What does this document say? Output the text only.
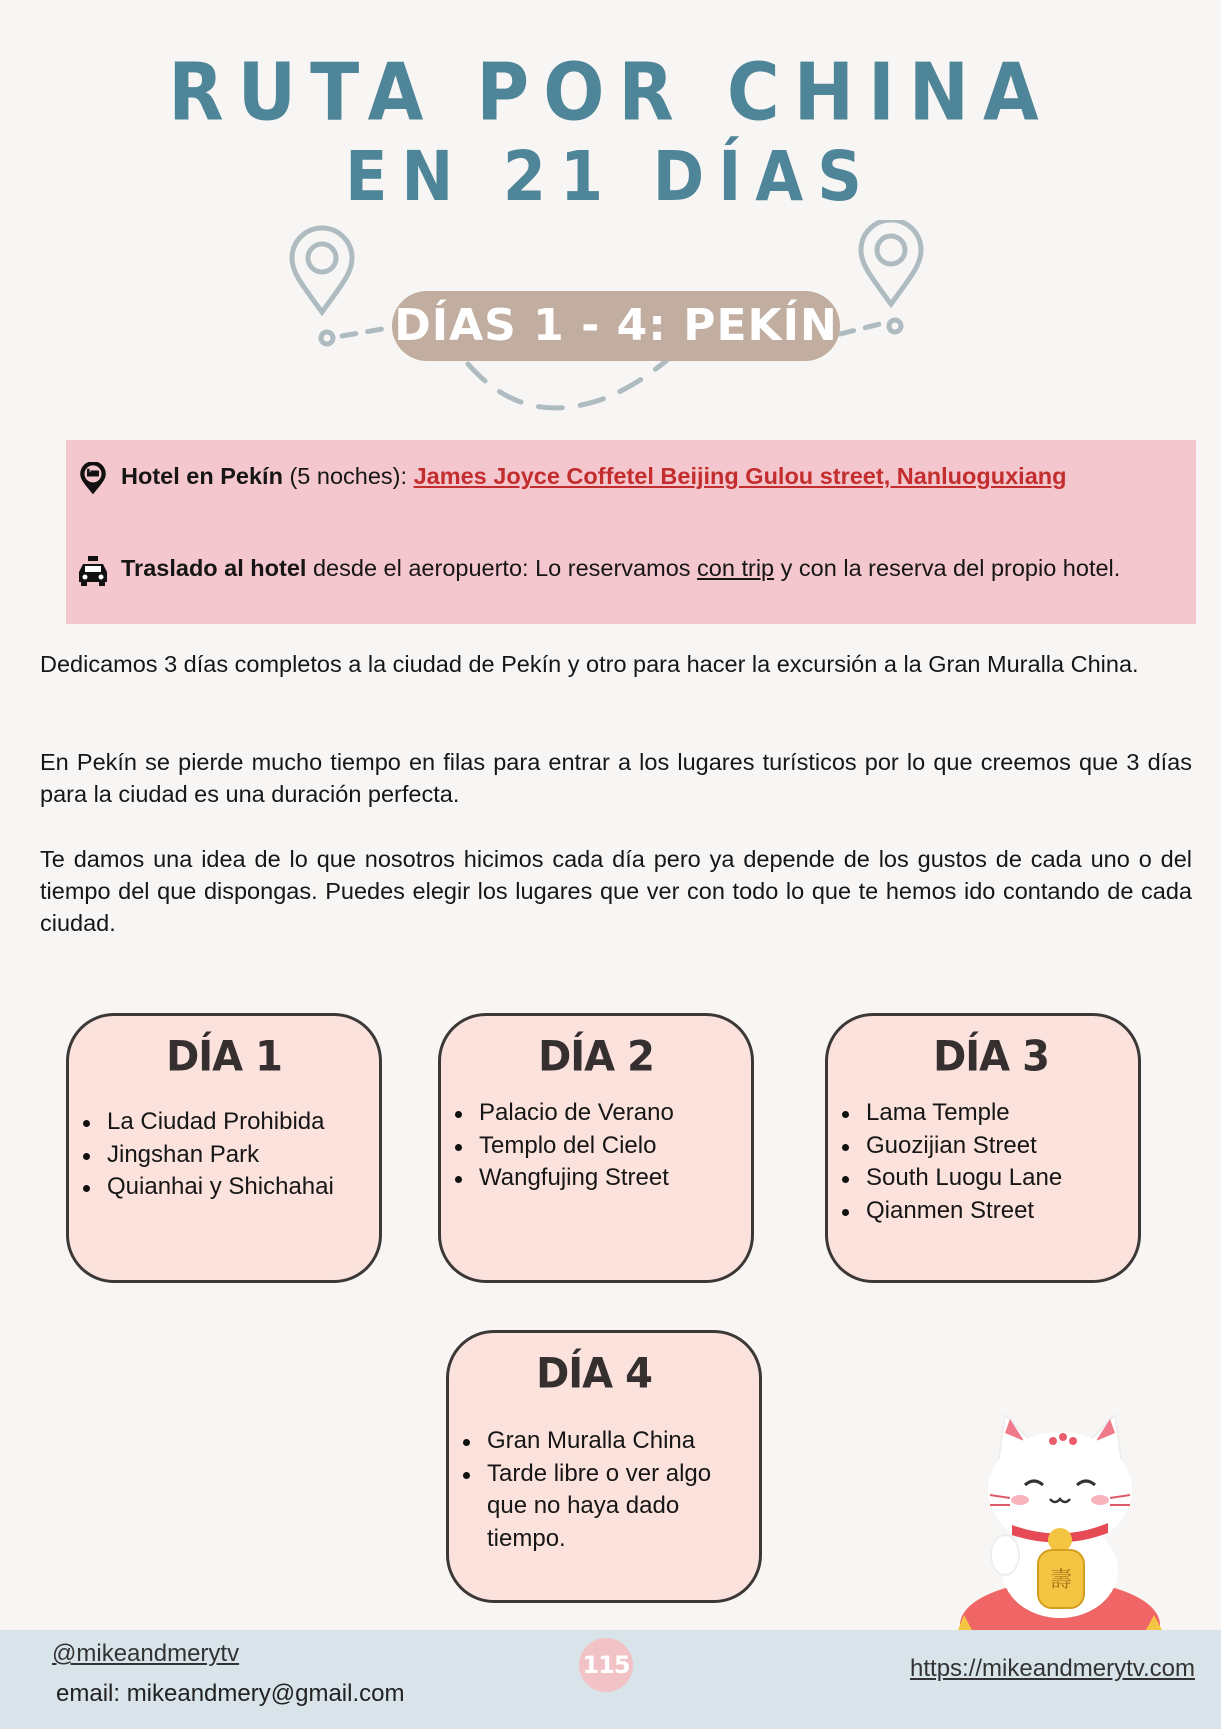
RUTA POR CHINA
EN 21 DÍAS
DÍAS 1 - 4: PEKÍN
Hotel en Pekín (5 noches): James Joyce Coffetel Beijing Gulou street, Nanluoguxiang
Traslado al hotel desde el aeropuerto: Lo reservamos con trip y con la reserva del propio hotel.

Dedicamos 3 días completos a la ciudad de Pekín y otro para hacer la excursión a la Gran Muralla China.

En Pekín se pierde mucho tiempo en filas para entrar a los lugares turísticos por lo que creemos que 3 días para la ciudad es una duración perfecta.

Te damos una idea de lo que nosotros hicimos cada día pero ya depende de los gustos de cada uno o del tiempo del que dispongas. Puedes elegir los lugares que ver con todo lo que te hemos ido contando de cada ciudad.

DÍA 1
La Ciudad Prohibida
Jingshan Park
Quianhai y Shichahai
DÍA 2
Palacio de Verano
Templo del Cielo
Wangfujing Street
DÍA 3
Lama Temple
Guozijian Street
South Luogu Lane
Qianmen Street
DÍA 4
Gran Muralla China
Tarde libre o ver algo que no haya dado tiempo.
壽
@mikeandmerytv
email: mikeandmery@gmail.com
115	https://mikeandmerytv.com
